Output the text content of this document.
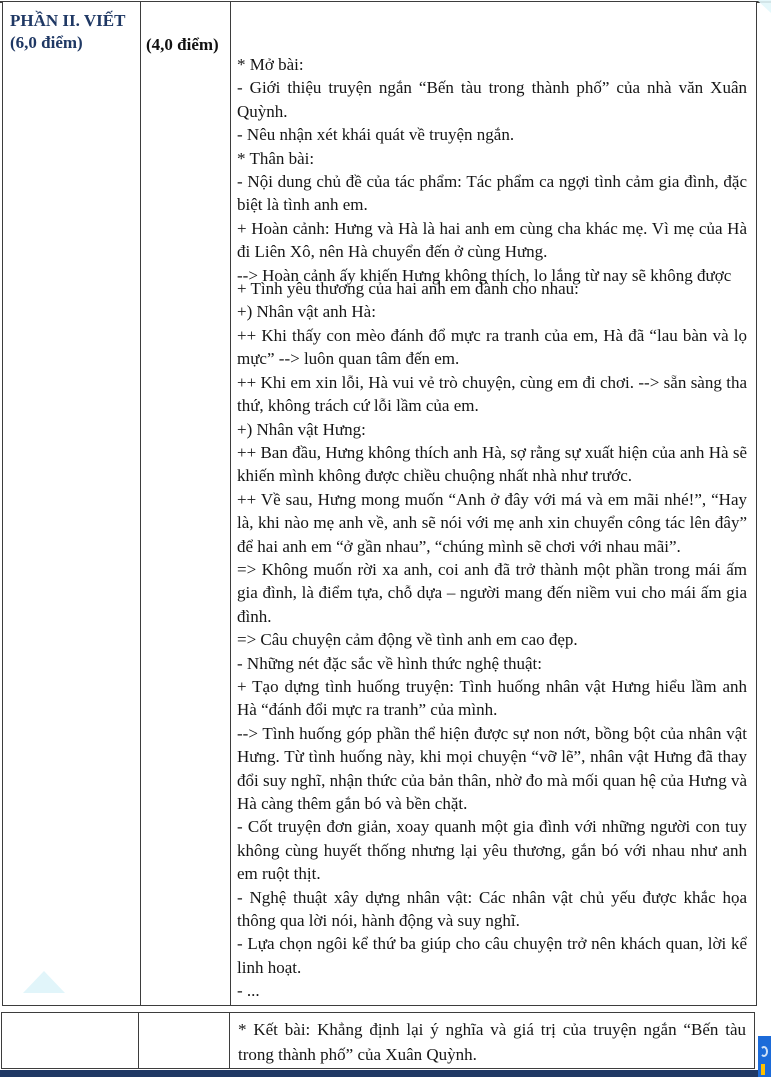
PHẦN II. VIẾT
(6,0 điểm)	(4,0 điểm)

* Mở bài:

- Giới thiệu truyện ngắn “Bến tàu trong thành phố” của nhà văn Xuân Quỳnh.

- Nêu nhận xét khái quát về truyện ngắn.

* Thân bài:

- Nội dung chủ đề của tác phẩm: Tác phẩm ca ngợi tình cảm gia đình, đặc biệt là tình anh em.

+ Hoàn cảnh: Hưng và Hà là hai anh em cùng cha khác mẹ. Vì mẹ của Hà đi Liên Xô, nên Hà chuyển đến ở cùng Hưng.

--> Hoàn cảnh ấy khiến Hưng không thích, lo lắng từ nay sẽ không được

+ Tình yêu thương của hai anh em dành cho nhau:

+) Nhân vật anh Hà:

++ Khi thấy con mèo đánh đổ mực ra tranh của em, Hà đã “lau bàn và lọ mực” --> luôn quan tâm đến em.

++ Khi em xin lỗi, Hà vui vẻ trò chuyện, cùng em đi chơi. --> sẵn sàng tha thứ, không trách cứ lỗi lầm của em.

+) Nhân vật Hưng:

++ Ban đầu, Hưng không thích anh Hà, sợ rằng sự xuất hiện của anh Hà sẽ khiến mình không được chiều chuộng nhất nhà như trước.

++ Về sau, Hưng mong muốn “Anh ở đây với má và em mãi nhé!”, “Hay là, khi nào mẹ anh về, anh sẽ nói với mẹ anh xin chuyển công tác lên đây” để hai anh em “ở gần nhau”, “chúng mình sẽ chơi với nhau mãi”.

=> Không muốn rời xa anh, coi anh đã trở thành một phần trong mái ấm gia đình, là điểm tựa, chỗ dựa – người mang đến niềm vui cho mái ấm gia đình.

=> Câu chuyện cảm động về tình anh em cao đẹp.

- Những nét đặc sắc về hình thức nghệ thuật:

+ Tạo dựng tình huống truyện: Tình huống nhân vật Hưng hiểu lầm anh Hà “đánh đổi mực ra tranh” của mình.

--> Tình huống góp phần thể hiện được sự non nớt, bồng bột của nhân vật Hưng. Từ tình huống này, khi mọi chuyện “vỡ lẽ”, nhân vật Hưng đã thay đổi suy nghĩ, nhận thức của bản thân, nhờ đo mà mối quan hệ của Hưng và Hà càng thêm gắn bó và bền chặt.

- Cốt truyện đơn giản, xoay quanh một gia đình với những người con tuy không cùng huyết thống nhưng lại yêu thương, gắn bó với nhau như anh em ruột thịt.

- Nghệ thuật xây dựng nhân vật: Các nhân vật chủ yếu được khắc họa thông qua lời nói, hành động và suy nghĩ.

- Lựa chọn ngôi kể thứ ba giúp cho câu chuyện trở nên khách quan, lời kể linh hoạt.

- ...

* Kết bài: Khẳng định lại ý nghĩa và giá trị của truyện ngắn “Bến tàu trong thành phố” của Xuân Quỳnh.
